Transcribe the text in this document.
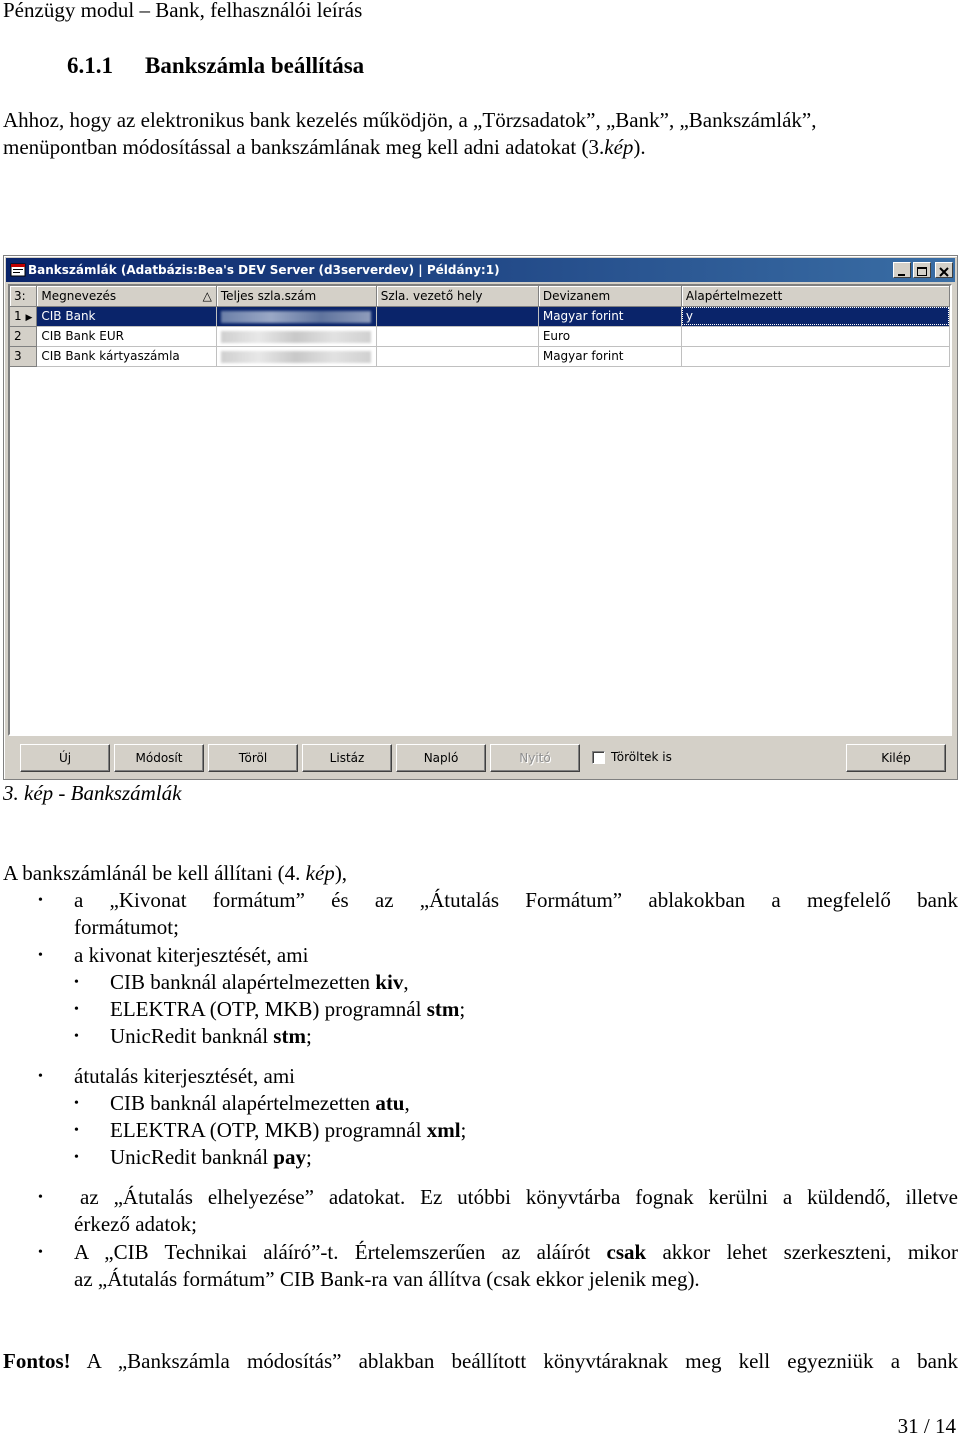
Pénzügy modul – Bank, felhasználói leírás
6.1.1 Bankszámla beállítása
Ahhoz, hogy az elektronikus bank kezelés működjön, a „Törzsadatok”, „Bank”, „Bankszámlák”,
menüpontban módosítással a bankszámlának meg kell adni adatokat (3.kép).
Bankszámlák (Adatbázis:Bea's DEV Server (d3serverdev) | Példány:1)
3:	Megnevezés △	Teljes szla.szám	Szla. vezető hely	Devizanem	Alapértelmezett
1 ▶	CIB Bank			Magyar forint	y
2	CIB Bank EUR			Euro	
3	CIB Bank kártyaszámla			Magyar forint	
Új	Módosít	Töröl	Listáz	Napló	Nyitó	Töröltek is	Kilép
3. kép - Bankszámlák
A bankszámlánál be kell állítani (4. kép),
• a „Kivonat formátum” és az „Átutalás Formátum” ablakokban a megfelelő bank
formátumot;
• a kivonat kiterjesztését, ami
• CIB banknál alapértelmezetten kiv,
• ELEKTRA (OTP, MKB) programnál stm;
• UnicRedit banknál stm;
• átutalás kiterjesztését, ami
• CIB banknál alapértelmezetten atu,
• ELEKTRA (OTP, MKB) programnál xml;
• UnicRedit banknál pay;
• az „Átutalás elhelyezése” adatokat. Ez utóbbi könyvtárba fognak kerülni a küldendő, illetve
érkező adatok;
• A „CIB Technikai aláíró”-t. Értelemszerűen az aláírót csak akkor lehet szerkeszteni, mikor
az „Átutalás formátum” CIB Bank-ra van állítva (csak ekkor jelenik meg).
Fontos! A „Bankszámla módosítás” ablakban beállított könyvtáraknak meg kell egyezniük a bank
31 / 14
